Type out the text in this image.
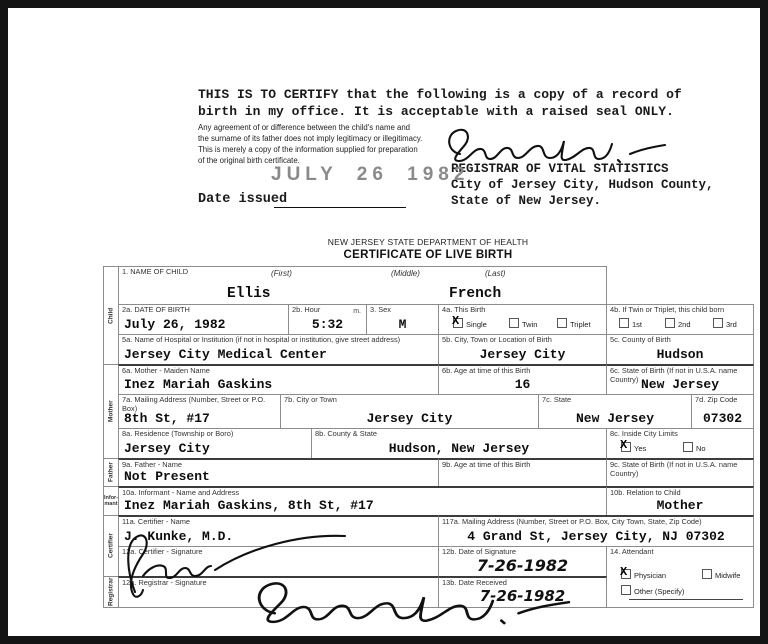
THIS IS TO CERTIFY that the following is a copy of a record of
birth in my office. It is acceptable with a raised seal ONLY.
Any agreement of or difference between the child's name and
the surname of its father does not imply legitimacy or illegitimacy.
This is merely a copy of the information supplied for preparation
of the original birth certificate.
REGISTRAR OF VITAL STATISTICS
City of Jersey City, Hudson County,
State of New Jersey.
JULY 26 1982
Date issued
NEW JERSEY STATE DEPARTMENT OF HEALTH
CERTIFICATE OF LIVE BIRTH
Child
Mother
Father
Infor-
mant
Certifier
Registrar
1. NAME OF CHILD	(First)	(Middle)	(Last)
Ellis	French
2a. DATE OF BIRTH
July 26, 1982
2b. Hour	m.
5:32
3. Sex
M
4a. This Birth
X Single	Twin	Triplet
4b. If Twin or Triplet, this child born
1st	2nd	3rd
5a. Name of Hospital or Institution (if not in hospital or institution, give street address)
Jersey City Medical Center
5b. City, Town or Location of Birth
Jersey City
5c. County of Birth
Hudson
6a. Mother - Maiden Name
Inez Mariah Gaskins
6b. Age at time of this Birth
16
6c. State of Birth (If not in U.S.A. name Country) New Jersey
7a. Mailing Address (Number, Street or P.O. Box)
8th St, #17
7b. City or Town
Jersey City
7c. State
New Jersey
7d. Zip Code
07302
8a. Residence (Township or Boro)
Jersey City
8b. County & State
Hudson, New Jersey
8c. Inside City Limits
X Yes	No
9a. Father - Name
Not Present
9b. Age at time of this Birth	9c. State of Birth (If not in U.S.A. name Country)
10a. Informant - Name and Address
Inez Mariah Gaskins, 8th St, #17
10b. Relation to Child
Mother
11a. Certifier - Name
J. Kunke, M.D.
117a. Mailing Address (Number, Street or P.O. Box, City Town, State, Zip Code)
4 Grand St, Jersey City, NJ 07302
12a. Certifier - Signature	12b. Date of Signature
7-26-1982
14. Attendant
X Physician	Midwife
Other (Specify)
12a. Registrar - Signature	13b. Date Received
7-26-1982
